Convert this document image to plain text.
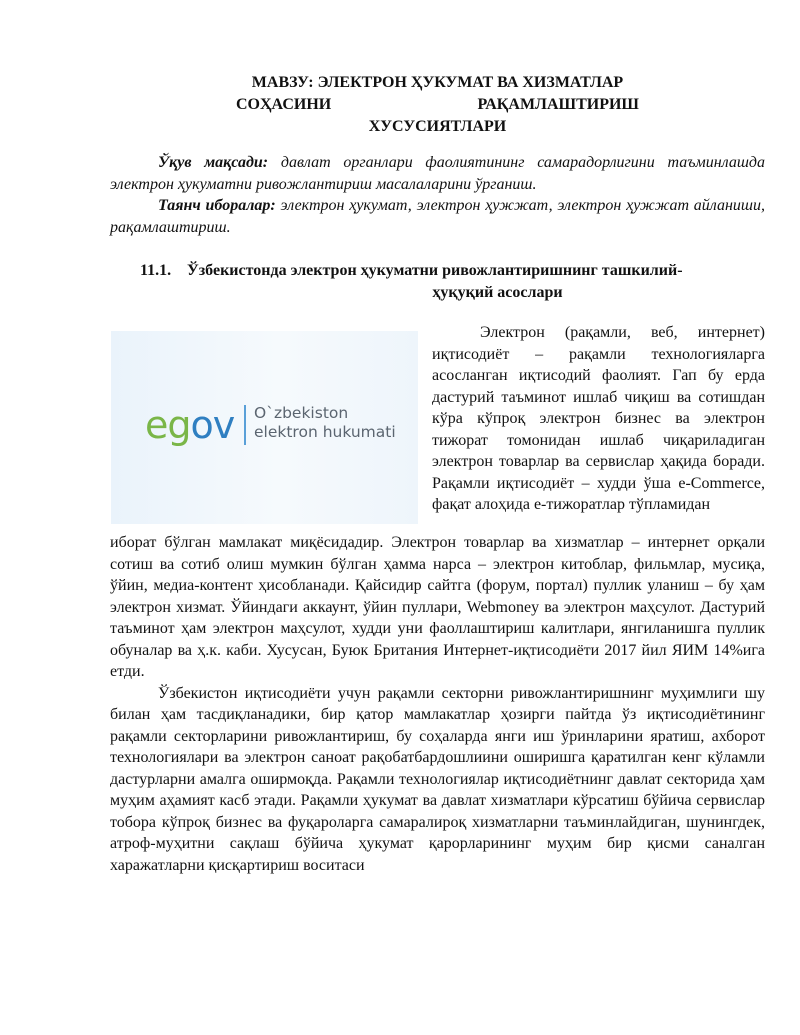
МАВЗУ: ЭЛЕКТРОН ҲУКУМАТ ВА ХИЗМАТЛАР
СОҲАСИНИ	РАҚАМЛАШТИРИШ
ХУСУСИЯТЛАРИ

Ўқув мақсади: давлат органлари фаолиятининг самарадорлигини таъминлашда электрон ҳукуматни ривожлантириш масалаларини ўрганиш.

Таянч иборалар: электрон ҳукумат, электрон ҳужжат, электрон ҳужжат айланиши, рақамлаштириш.

11.1. Ўзбекистонда электрон ҳукуматни ривожлантиришнинг ташкилий-
ҳуқуқий асослари
egov O`zbekiston
elektron hukumati

Электрон (рақамли, веб, интернет) иқтисодиёт – рақамли технологияларга асосланган иқтисодий фаолият. Гап бу ерда дастурий таъминот ишлаб чиқиш ва сотишдан кўра кўпроқ электрон бизнес ва электрон тижорат томонидан ишлаб чиқариладиган электрон товарлар ва сервислар ҳақида боради. Рақамли иқтисодиёт – худди ўша e-Commerce, фақат алоҳида e-тижоратлар тўпламидан

иборат бўлган мамлакат миқёсидадир. Электрон товарлар ва хизматлар – интернет орқали сотиш ва сотиб олиш мумкин бўлган ҳамма нарса – электрон китоблар, фильмлар, мусиқа, ўйин, медиа-контент ҳисобланади. Қайсидир сайтга (форум, портал) пуллик уланиш – бу ҳам электрон хизмат. Ўйиндаги аккаунт, ўйин пуллари, Webmoney ва электрон маҳсулот. Дастурий таъминот ҳам электрон маҳсулот, худди уни фаоллаштириш калитлари, янгиланишга пуллик обуналар ва ҳ.к. каби. Хусусан, Буюк Британия Интернет-иқтисодиёти 2017 йил ЯИМ 14%ига етди.

Ўзбекистон иқтисодиёти учун рақамли секторни ривожлантиришнинг муҳимлиги шу билан ҳам тасдиқланадики, бир қатор мамлакатлар ҳозирги пайтда ўз иқтисодиётининг рақамли секторларини ривожлантириш, бу соҳаларда янги иш ўринларини яратиш, ахборот технологиялари ва электрон саноат рақобатбардошлиини оширишга қаратилган кенг кўламли дастурларни амалга оширмоқда. Рақамли технологиялар иқтисодиётнинг давлат секторида ҳам муҳим аҳамият касб этади. Рақамли ҳукумат ва давлат хизматлари кўрсатиш бўйича сервислар тобора кўпроқ бизнес ва фуқароларга самаралироқ хизматларни таъминлайдиган, шунингдек, атроф-муҳитни сақлаш бўйича ҳукумат қарорларининг муҳим бир қисми саналган харажатларни қисқартириш воситаси
